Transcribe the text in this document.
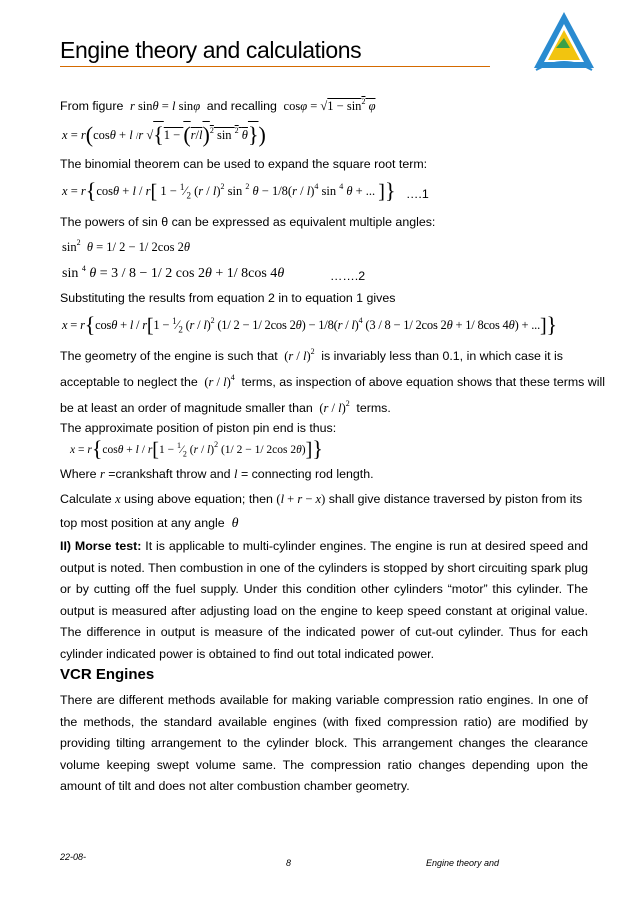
Engine theory and calculations
From figure r sinθ = l sinφ and recalling  $\cos\varphi = √1 - \sin^2 \varphi$
x = r(cosθ + l /r $√\{1 - (r/l)^2$ sin $^2$ θ})
The binomial theorem can be used to expand the square root term:
x = r{cosθ + l / r[ $1 - ^1⁄_2$ (r / l)$^2$ sin $^2$ θ − 1/8(r / l)$^4$ sin $^4$ θ + ... ]} ….1
The powers of sin θ can be expressed as equivalent multiple angles:
$\sin^2 \theta = 1/$ 2 − 1/ 2cos 2θ
sin $^4$ θ = 3 / 8 − 1/ 2 cos 2θ + 1/ 8cos 4θ	…….2
Substituting the results from equation 2 in to equation 1 gives
$x = r\{\cos\theta + l / r[1 - ^1⁄_2$ (r / l)$^2$ (1/ 2 − 1/ 2cos 2θ) − 1/8(r / l)$^4$ (3 / 8 − 1/ 2cos 2θ + 1/ 8cos 4θ) + ...]}
The geometry of the engine is such that  (r / l)$^2$ is invariably less than 0.1, in which case it is
acceptable to neglect the  (r / l)$^4$ terms, as inspection of above equation shows that these terms will
be at least an order of magnitude smaller than  (r / l)$^2$ terms.
The approximate position of piston pin end is thus:
$x = r\{\cos\theta + l / r[1 - ^1⁄_2$ (r / l)$^2$ (1/ 2 − 1/ 2cos 2θ)]}
Where r =crankshaft throw and l = connecting rod length.
Calculate x using above equation; then (l + r − x) shall give distance traversed by piston from its
top most position at any angle θ
II) Morse test: It is applicable to multi-cylinder engines. The engine is run at desired speed and output is noted. Then combustion in one of the cylinders is stopped by short circuiting spark plug or by cutting off the fuel supply. Under this condition other cylinders “motor” this cylinder. The output is measured after adjusting load on the engine to keep speed constant at original value. The difference in output is measure of the indicated power of cut-out cylinder. Thus for each cylinder indicated power is obtained to find out total indicated power.
VCR Engines
There are different methods available for making variable compression ratio engines. In one of the methods, the standard available engines (with fixed compression ratio) are modified by providing tilting arrangement to the cylinder block. This arrangement changes the clearance volume keeping swept volume same. The compression ratio changes depending upon the amount of tilt and does not alter combustion chamber geometry.
22-08-
8	Engine theory and
